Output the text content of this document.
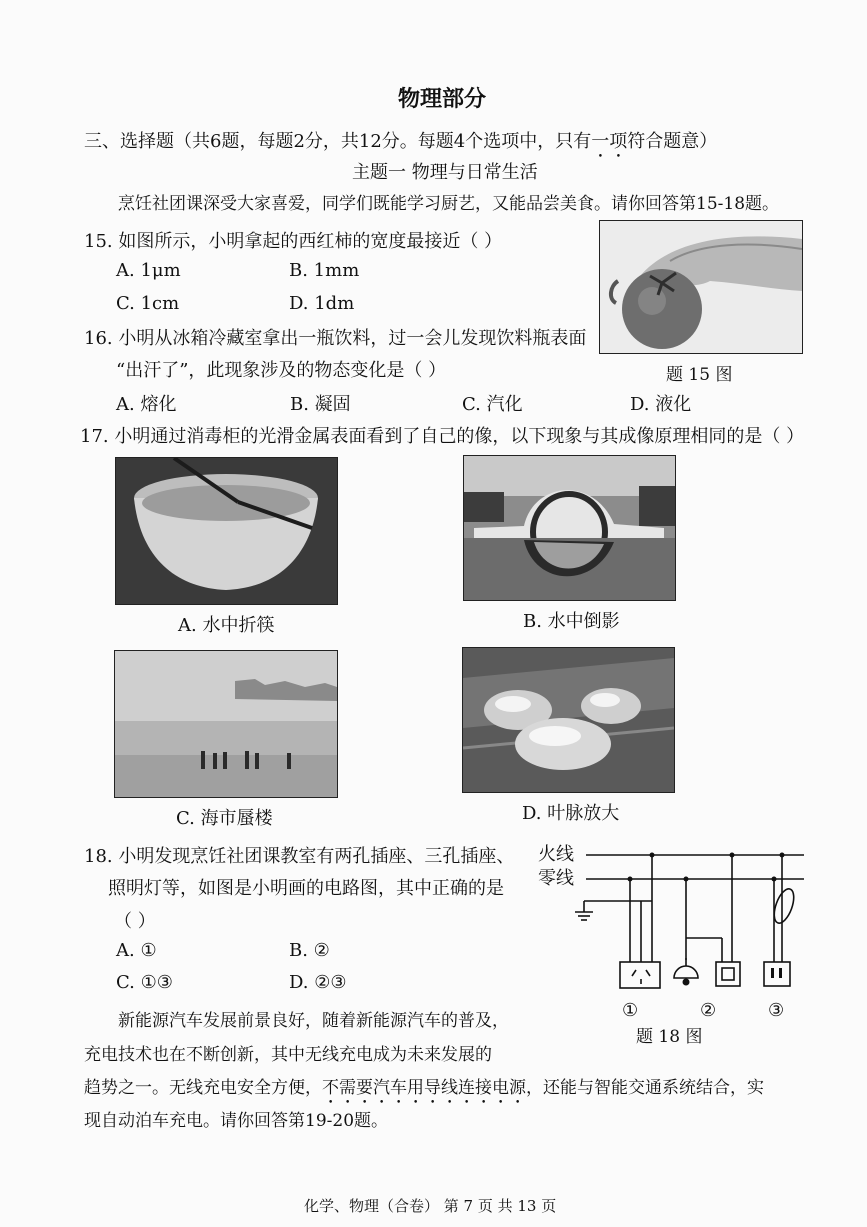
物理部分
三、选择题（共6题，每题2分，共12分。每题4个选项中，只有一项符合题意）
主题一 物理与日常生活
烹饪社团课深受大家喜爱，同学们既能学习厨艺，又能品尝美食。请你回答第15-18题。
15. 如图所示，小明拿起的西红柿的宽度最接近（ ）
A. 1μm	B. 1mm
C. 1cm	D. 1dm
题 15 图
16. 小明从冰箱冷藏室拿出一瓶饮料，过一会儿发现饮料瓶表面
“出汗了”，此现象涉及的物态变化是（ ）
A. 熔化	B. 凝固	C. 汽化	D. 液化
17. 小明通过消毒柜的光滑金属表面看到了自己的像，以下现象与其成像原理相同的是（ ）
A. 水中折筷	B. 水中倒影
C. 海市蜃楼	D. 叶脉放大
18. 小明发现烹饪社团课教室有两孔插座、三孔插座、
照明灯等，如图是小明画的电路图，其中正确的是
（ ）
A. ①	B. ②
C. ①③	D. ②③
火线
零线
①	②	③
题 18 图
新能源汽车发展前景良好，随着新能源汽车的普及，
充电技术也在不断创新，其中无线充电成为未来发展的
趋势之一。无线充电安全方便，不需要汽车用导线连接电源，还能与智能交通系统结合，实
现自动泊车充电。请你回答第19-20题。
化学、物理（合卷） 第 7 页 共 13 页
